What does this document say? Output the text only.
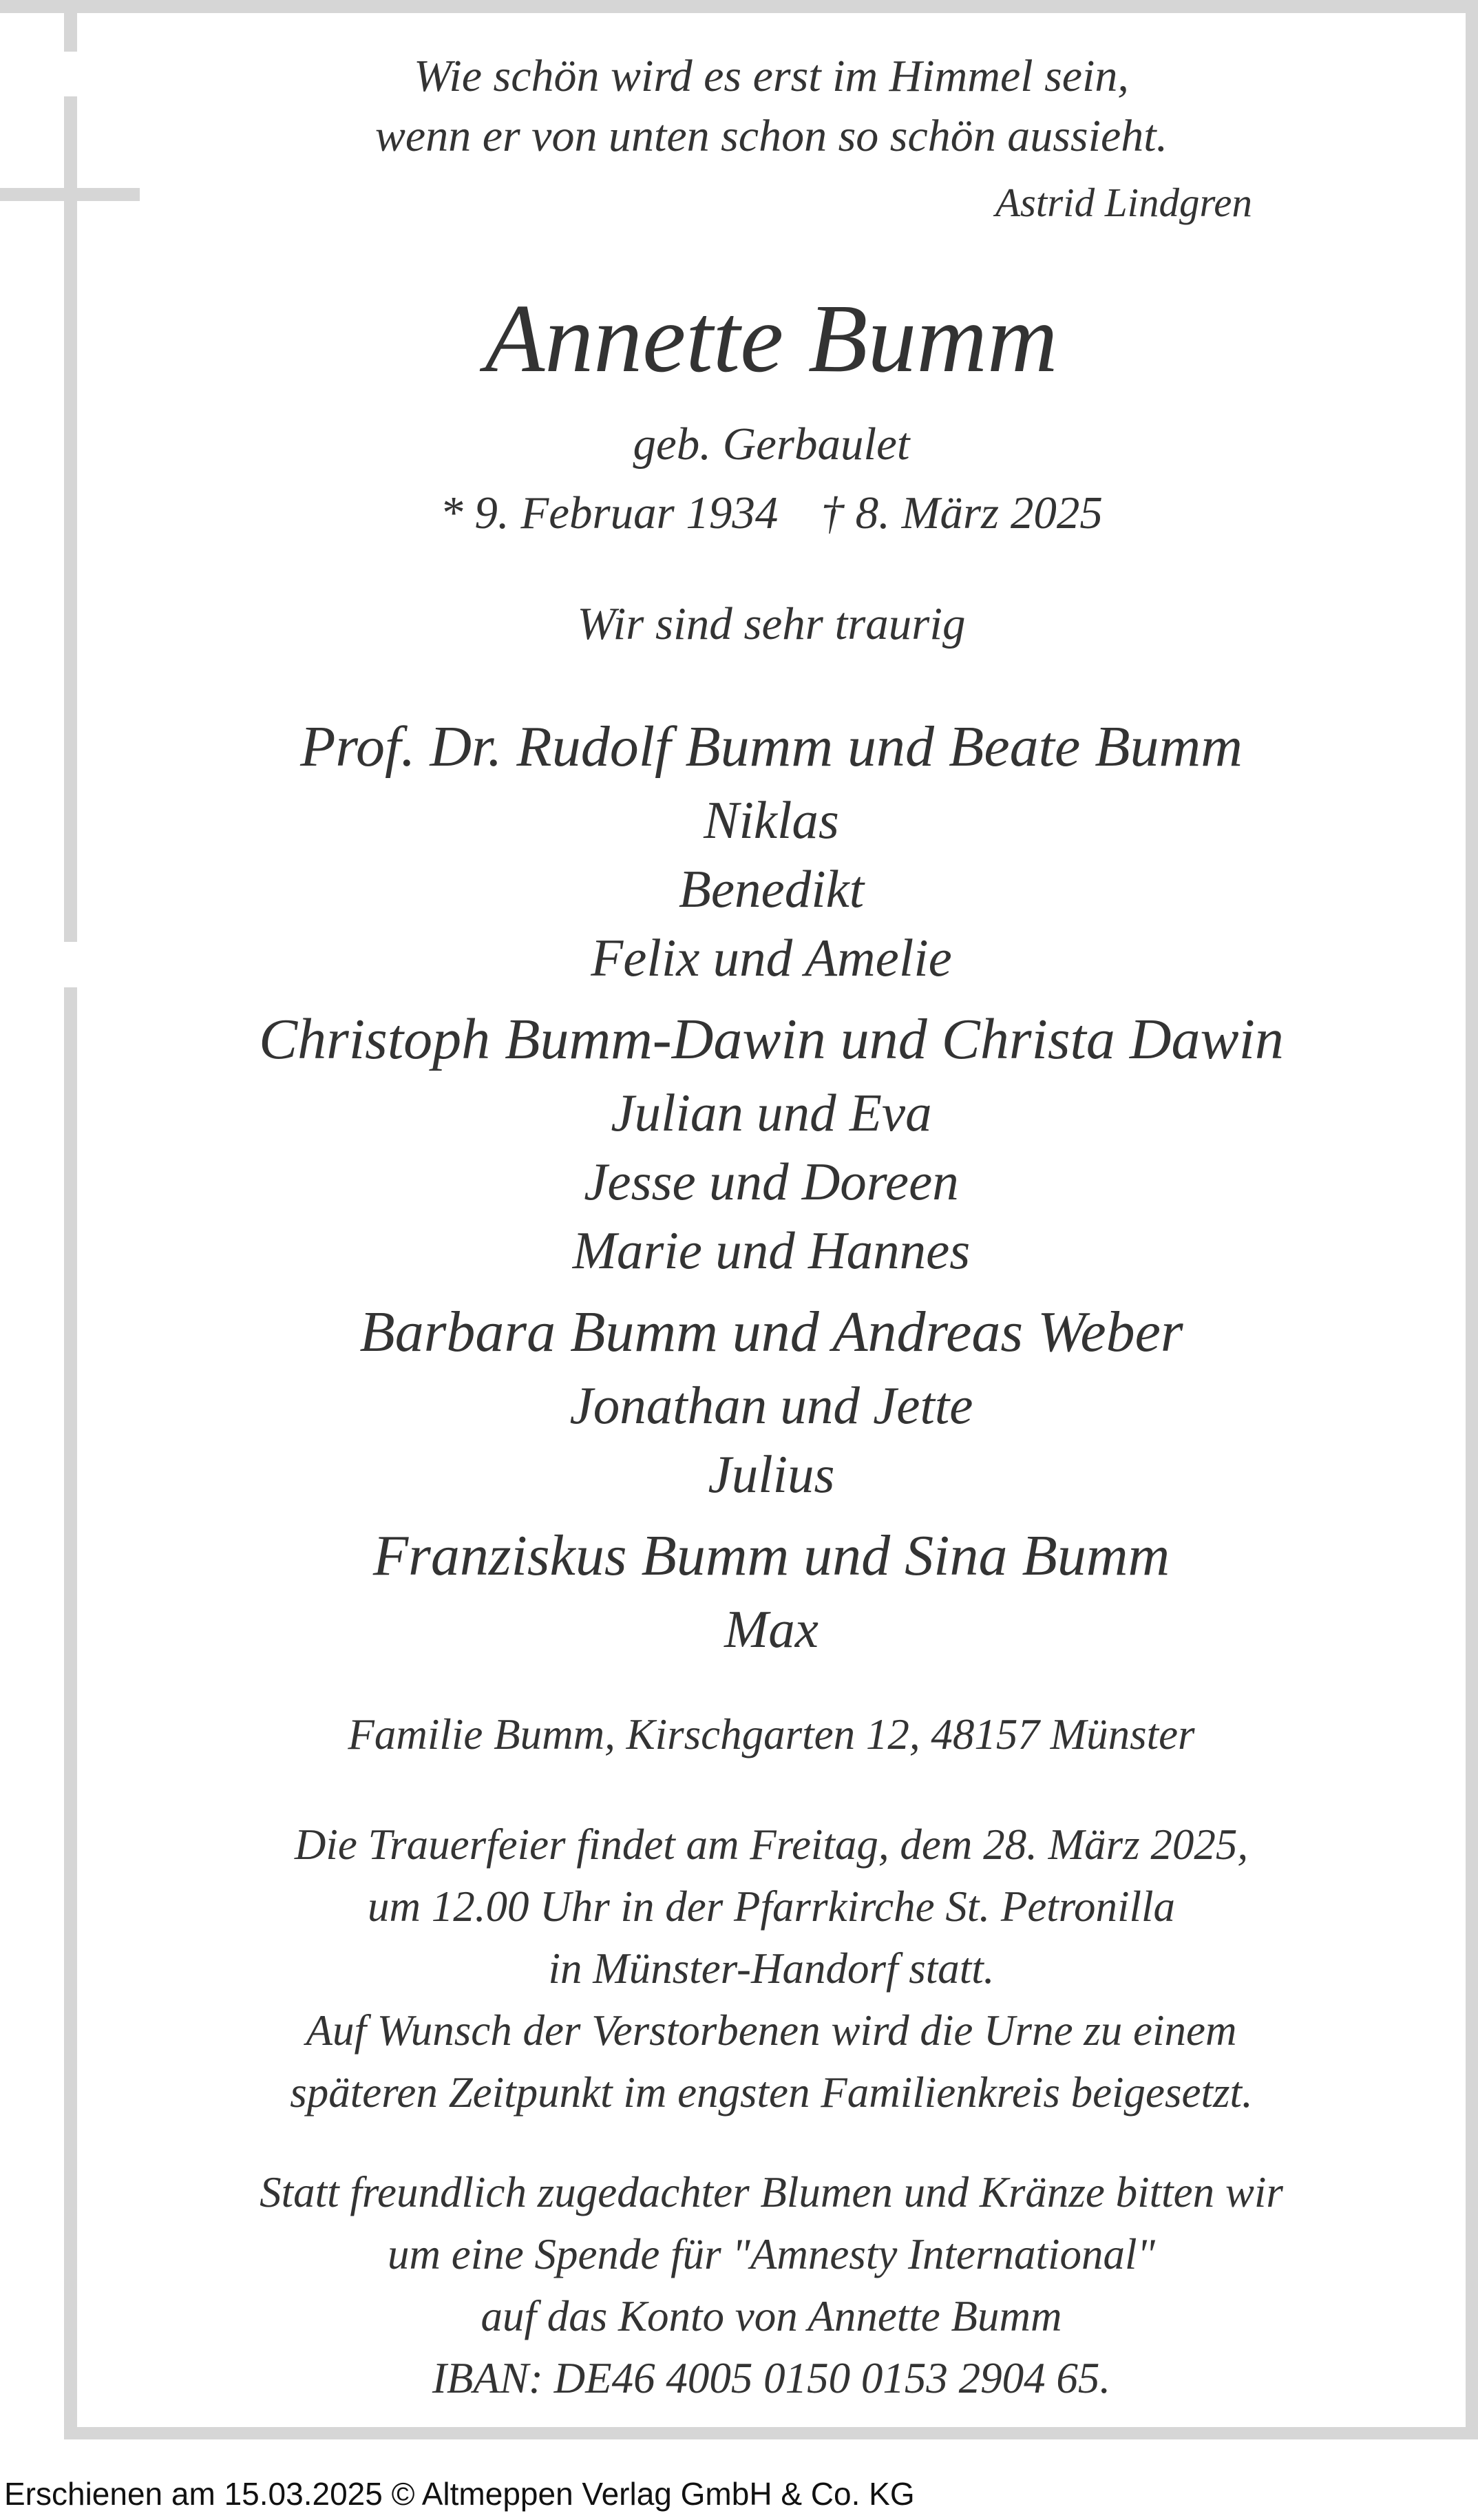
Wie schön wird es erst im Himmel sein,
wenn er von unten schon so schön aussieht.
Astrid Lindgren
Annette Bumm
geb. Gerbaulet
* 9. Februar 1934 † 8. März 2025
Wir sind sehr traurig
Prof. Dr. Rudolf Bumm und Beate Bumm
Niklas
Benedikt
Felix und Amelie
Christoph Bumm-Dawin und Christa Dawin
Julian und Eva
Jesse und Doreen
Marie und Hannes
Barbara Bumm und Andreas Weber
Jonathan und Jette
Julius
Franziskus Bumm und Sina Bumm
Max
Familie Bumm, Kirschgarten 12, 48157 Münster
Die Trauerfeier findet am Freitag, dem 28. März 2025,
um 12.00 Uhr in der Pfarrkirche St. Petronilla
in Münster-Handorf statt.
Auf Wunsch der Verstorbenen wird die Urne zu einem
späteren Zeitpunkt im engsten Familienkreis beigesetzt.
Statt freundlich zugedachter Blumen und Kränze bitten wir
um eine Spende für "Amnesty International"
auf das Konto von Annette Bumm
IBAN: DE46 4005 0150 0153 2904 65.
Erschienen am 15.03.2025 © Altmeppen Verlag GmbH & Co. KG
